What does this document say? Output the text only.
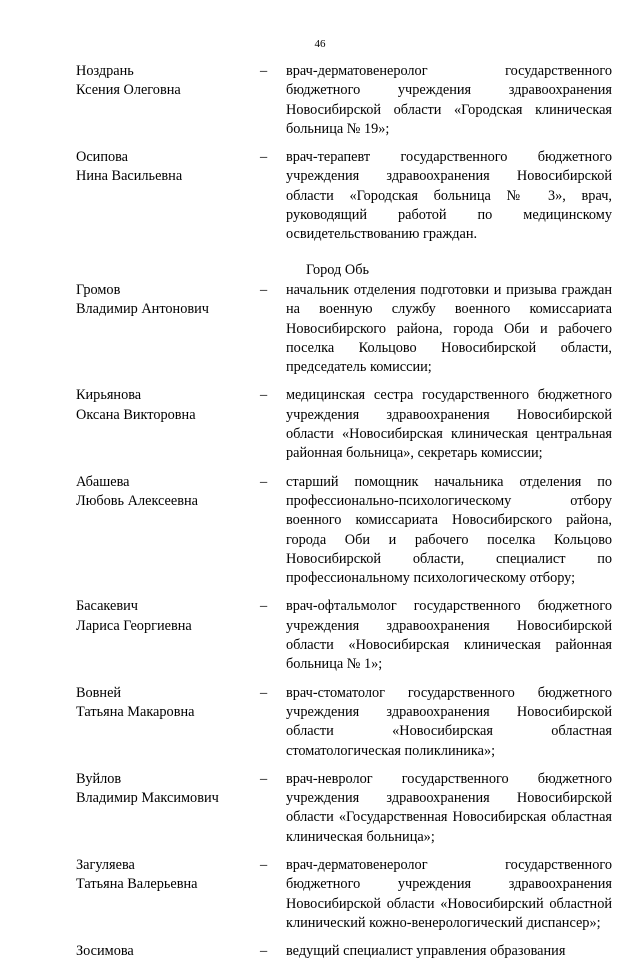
46
Ноздрань
Ксения Олеговна
–	врач-дерматовенеролог государственного бюджетного учреждения здравоохранения Новосибирской области «Городская клиническая больница № 19»;
Осипова
Нина Васильевна
–	врач-терапевт государственного бюджетного учреждения здравоохранения Новосибирской области «Городская больница № 3», врач, руководящий работой по медицинскому освидетельствованию граждан.
Город Обь
Громов
Владимир Антонович
–	начальник отделения подготовки и призыва граждан на военную службу военного комиссариата Новосибирского района, города Оби и рабочего поселка Кольцово Новосибирской области, председатель комиссии;
Кирьянова
Оксана Викторовна
–	медицинская сестра государственного бюджетного учреждения здравоохранения Новосибирской области «Новосибирская клиническая центральная районная больница», секретарь комиссии;
Абашева
Любовь Алексеевна
–	старший помощник начальника отделения по профессионально-психологическому отбору военного комиссариата Новосибирского района, города Оби и рабочего поселка Кольцово Новосибирской области, специалист по профессиональному психологическому отбору;
Басакевич
Лариса Георгиевна
–	врач-офтальмолог государственного бюджетного учреждения здравоохранения Новосибирской области «Новосибирская клиническая районная больница № 1»;
Вовней
Татьяна Макаровна
–	врач-стоматолог государственного бюджетного учреждения здравоохранения Новосибирской области «Новосибирская областная стоматологическая поликлиника»;
Вуйлов
Владимир Максимович
–	врач-невролог государственного бюджетного учреждения здравоохранения Новосибирской области «Государственная Новосибирская областная клиническая больница»;
Загуляева
Татьяна Валерьевна
–	врач-дерматовенеролог государственного бюджетного учреждения здравоохранения Новосибирской области «Новосибирский областной клинический кожно-венерологический диспансер»;
Зосимова	–	ведущий специалист управления образования
